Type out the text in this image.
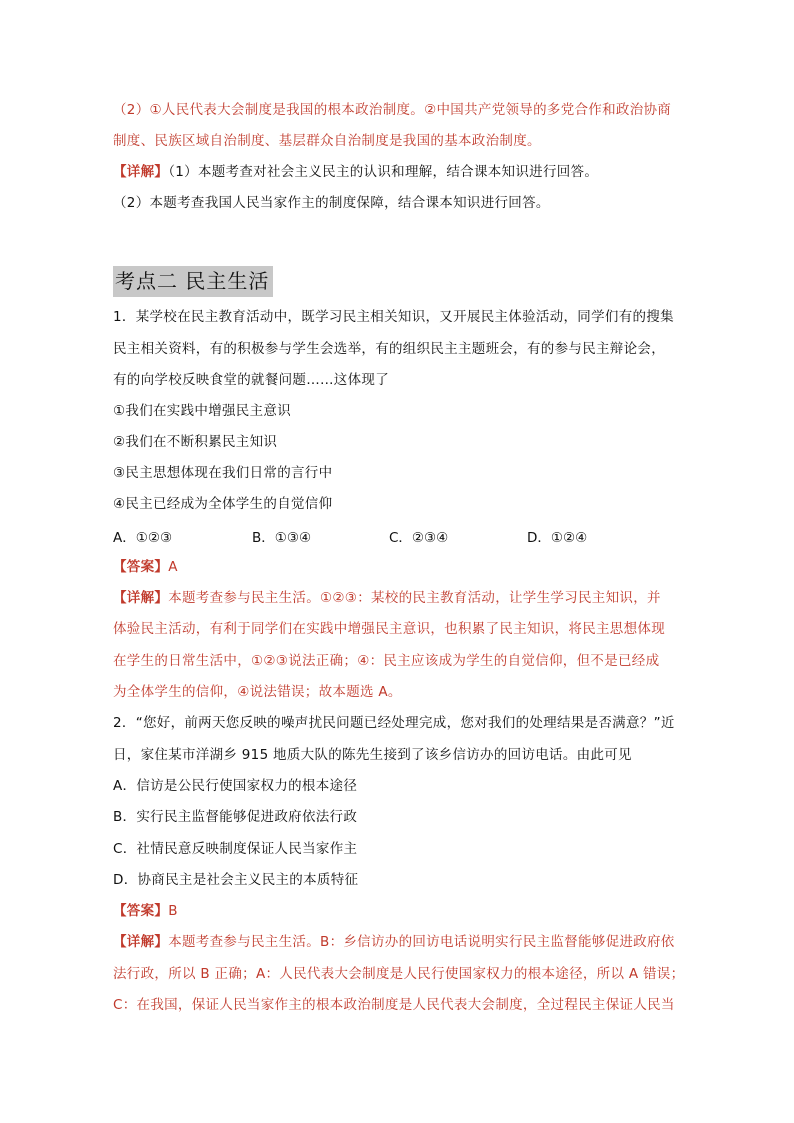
（2）①人民代表大会制度是我国的根本政治制度。②中国共产党领导的多党合作和政治协商
制度、民族区域自治制度、基层群众自治制度是我国的基本政治制度。
【详解】（1）本题考查对社会主义民主的认识和理解，结合课本知识进行回答。
（2）本题考查我国人民当家作主的制度保障，结合课本知识进行回答。
考点二 民主生活
1．某学校在民主教育活动中，既学习民主相关知识，又开展民主体验活动，同学们有的搜集
民主相关资料，有的积极参与学生会选举，有的组织民主主题班会，有的参与民主辩论会，
有的向学校反映食堂的就餐问题……这体现了
①我们在实践中增强民主意识
②我们在不断积累民主知识
③民主思想体现在我们日常的言行中
④民主已经成为全体学生的自觉信仰
A．①②③	B．①③④	C．②③④	D．①②④
【答案】A
【详解】本题考查参与民主生活。①②③：某校的民主教育活动，让学生学习民主知识，并
体验民主活动，有利于同学们在实践中增强民主意识，也积累了民主知识，将民主思想体现
在学生的日常生活中，①②③说法正确；④：民主应该成为学生的自觉信仰，但不是已经成
为全体学生的信仰，④说法错误；故本题选 A。
2．“您好，前两天您反映的噪声扰民问题已经处理完成，您对我们的处理结果是否满意？”近
日，家住某市洋湖乡 915 地质大队的陈先生接到了该乡信访办的回访电话。由此可见
A．信访是公民行使国家权力的根本途径
B．实行民主监督能够促进政府依法行政
C．社情民意反映制度保证人民当家作主
D．协商民主是社会主义民主的本质特征
【答案】B
【详解】本题考查参与民主生活。B：乡信访办的回访电话说明实行民主监督能够促进政府依
法行政，所以 B 正确；A：人民代表大会制度是人民行使国家权力的根本途径，所以 A 错误；
C：在我国，保证人民当家作主的根本政治制度是人民代表大会制度，全过程民主保证人民当
